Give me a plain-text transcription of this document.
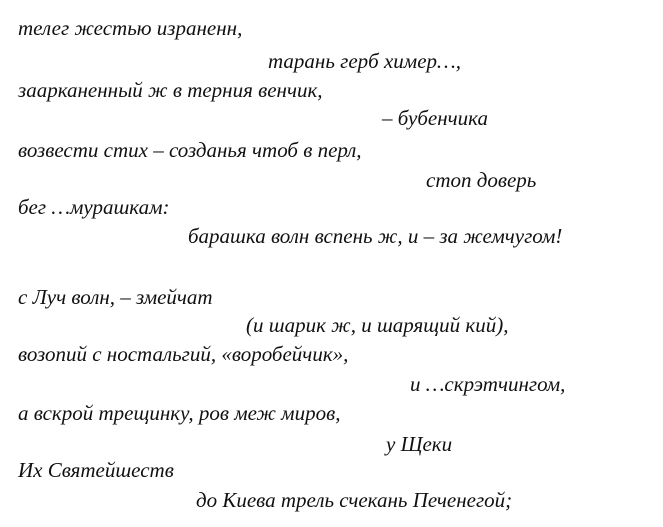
телег жестью израненн,
тарань герб химер…,
заарканенный ж в терния венчик,
– бубенчика
возвести стих – созданья чтоб в перл,
стоп доверь
бег …мурашкам:
барашка волн вспень ж, и – за жемчугом!
с Луч волн, – змейчат
(и шарик ж, и шарящий кий),
возопий с ностальгий, «воробейчик»,
и …скрэтчингом,
а вскрой трещинку, ров меж миров,
у Щеки
Их Святейшеств
до Киева трель счекань Печенегой;
